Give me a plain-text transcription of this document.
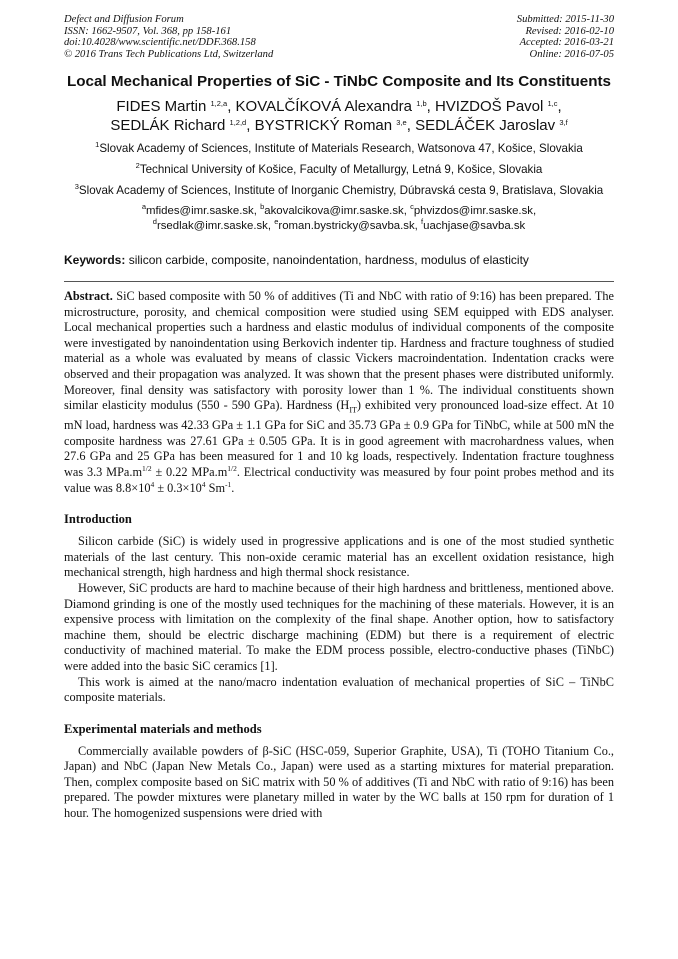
Defect and Diffusion Forum
ISSN: 1662-9507, Vol. 368, pp 158-161
doi:10.4028/www.scientific.net/DDF.368.158
© 2016 Trans Tech Publications Ltd, Switzerland
Submitted: 2015-11-30
Revised: 2016-02-10
Accepted: 2016-03-21
Online: 2016-07-05
Local Mechanical Properties of SiC - TiNbC Composite and Its Constituents
FIDES Martin $^{1,2,a}$, KOVALČÍKOVÁ Alexandra $^{1,b}$, HVIZDOŠ Pavol $^{1,c}$,
SEDLÁK Richard $^{1,2,d}$, BYSTRICKÝ Roman $^{3,e}$, SEDLÁČEK Jaroslav $^{3,f}$
$^1$Slovak Academy of Sciences, Institute of Materials Research, Watsonova 47, Košice, Slovakia
$^2$Technical University of Košice, Faculty of Metallurgy, Letná 9, Košice, Slovakia
$^3$Slovak Academy of Sciences, Institute of Inorganic Chemistry, Dúbravská cesta 9, Bratislava, Slovakia
$^a$mfides@imr.saske.sk, $^b$akovalcikova@imr.saske.sk, $^c$phvizdos@imr.saske.sk,
$^d$rsedlak@imr.saske.sk, $^e$roman.bystricky@savba.sk, $^f$uachjase@savba.sk
Keywords: silicon carbide, composite, nanoindentation, hardness, modulus of elasticity
Abstract. SiC based composite with 50 % of additives (Ti and NbC with ratio of 9:16) has been prepared. The microstructure, porosity, and chemical composition were studied using SEM equipped with EDS analyser. Local mechanical properties such a hardness and elastic modulus of individual components of the composite were investigated by nanoindentation using Berkovich indenter tip. Hardness and fracture toughness of studied material as a whole was evaluated by means of classic Vickers macroindentation. Indentation cracks were observed and their propagation was analyzed. It was shown that the present phases were distributed uniformly. Moreover, final density was satisfactory with porosity lower than 1 %. The individual constituents shown similar elasticity modulus (550 - 590 GPa). Hardness $(H_{IT})$ exhibited very pronounced load-size effect. At 10 mN load, hardness was 42.33 GPa ± 1.1 GPa for SiC and 35.73 GPa ± 0.9 GPa for TiNbC, while at 500 mN the composite hardness was 27.61 GPa ± 0.505 GPa. It is in good agreement with macrohardness values, when 27.6 GPa and 25 GPa has been measured for 1 and 10 kg loads, respectively. Indentation fracture toughness was 3.3 $MPa.m^{1/2} \pm 0.22$ $MPa.m^{1/2}$. Electrical conductivity was measured by four point probes method and its value was $8.8\times 10^4 \pm 0.3\times 10^4$ $Sm^{-1}$.
Introduction
Silicon carbide (SiC) is widely used in progressive applications and is one of the most studied synthetic materials of the last century. This non-oxide ceramic material has an excellent oxidation resistance, high mechanical strength, high hardness and high thermal shock resistance.
However, SiC products are hard to machine because of their high hardness and brittleness, mentioned above. Diamond grinding is one of the mostly used techniques for the machining of these materials. However, it is an expensive process with limitation on the complexity of the final shape. Another option, how to satisfactory machine them, should be electric discharge machining (EDM) but there is a requirement of electric conductivity of machined material. To make the EDM process possible, electro-conductive phases (TiNbC) were added into the basic SiC ceramics [1].
This work is aimed at the nano/macro indentation evaluation of mechanical properties of SiC – TiNbC composite materials.
Experimental materials and methods
Commercially available powders of β-SiC (HSC-059, Superior Graphite, USA), Ti (TOHO Titanium Co., Japan) and NbC (Japan New Metals Co., Japan) were used as a starting mixtures for material preparation. Then, complex composite based on SiC matrix with 50 % of additives (Ti and NbC with ratio of 9:16) has been prepared. The powder mixtures were planetary milled in water by the WC balls at 150 rpm for duration of 1 hour. The homogenized suspensions were dried with
